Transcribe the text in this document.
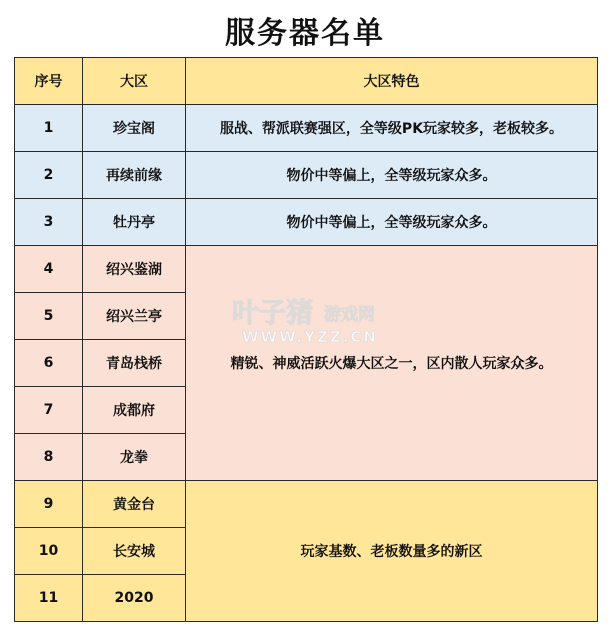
服务器名单
序号	大区	大区特色
1	珍宝阁	服战、帮派联赛强区，全等级PK玩家较多，老板较多。
2	再续前缘	物价中等偏上，全等级玩家众多。
3	牡丹亭	物价中等偏上，全等级玩家众多。
4	绍兴鉴湖	精锐、神威活跃火爆大区之一，区内散人玩家众多。
5	绍兴兰亭	
6	青岛栈桥	
7	成都府	
8	龙拳	
9	黄金台	玩家基数、老板数量多的新区
10	长安城	
11	2020	
叶子猪 游戏网
WWW.YZZ.CN
